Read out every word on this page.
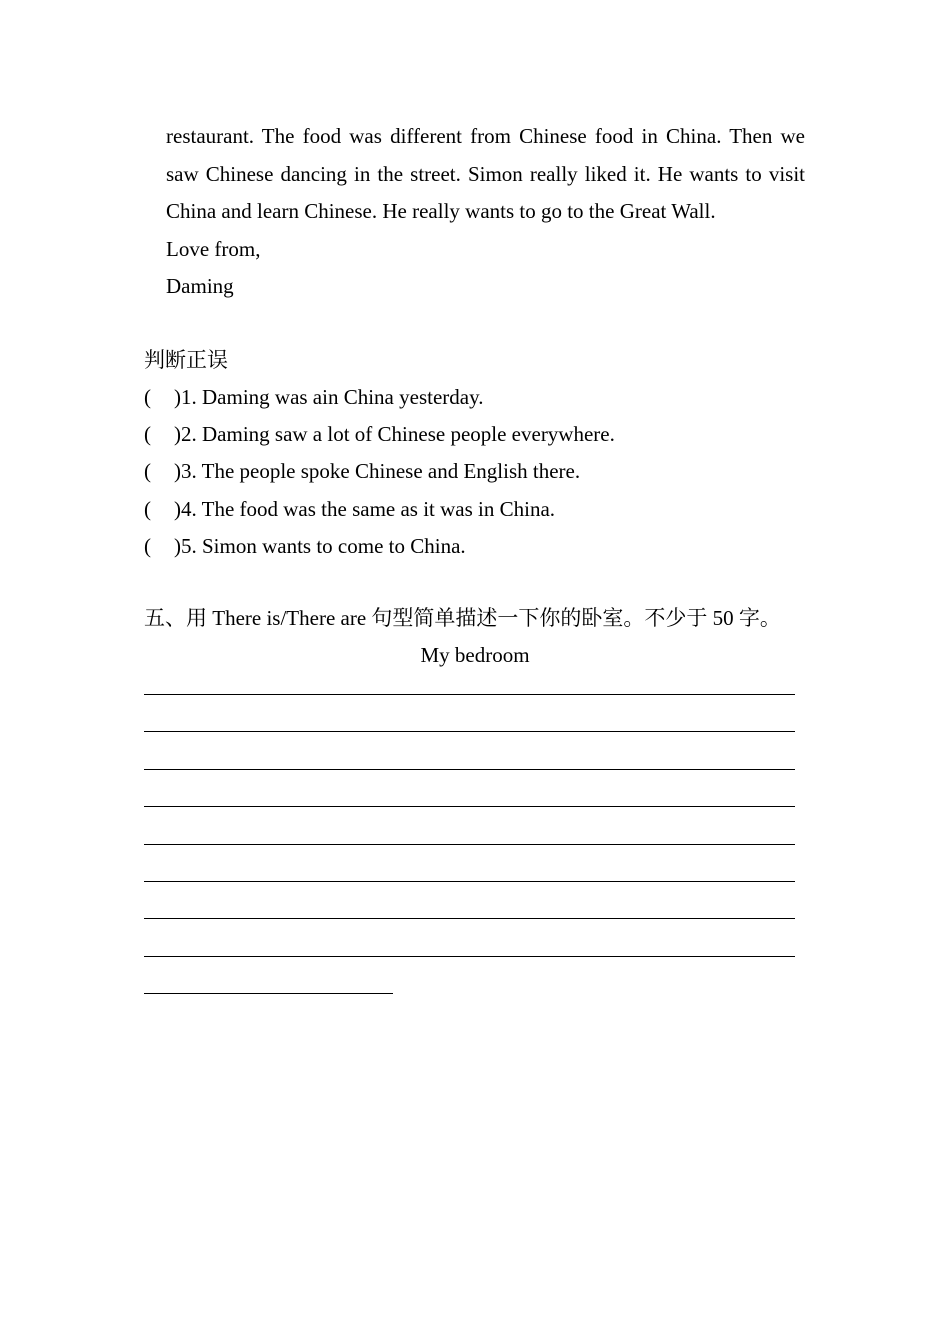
restaurant. The food was different from Chinese food in China. Then we saw Chinese dancing in the street. Simon really liked it. He wants to visit China and learn Chinese. He really wants to go to the Great Wall.

Love from,

Daming

判断正误
( )1. Daming was ain China yesterday.
( )2. Daming saw a lot of Chinese people everywhere.
( )3. The people spoke Chinese and English there.
( )4. The food was the same as it was in China.
( )5. Simon wants to come to China.
五、用 There is/There are 句型简单描述一下你的卧室。不少于 50 字。
My bedroom
